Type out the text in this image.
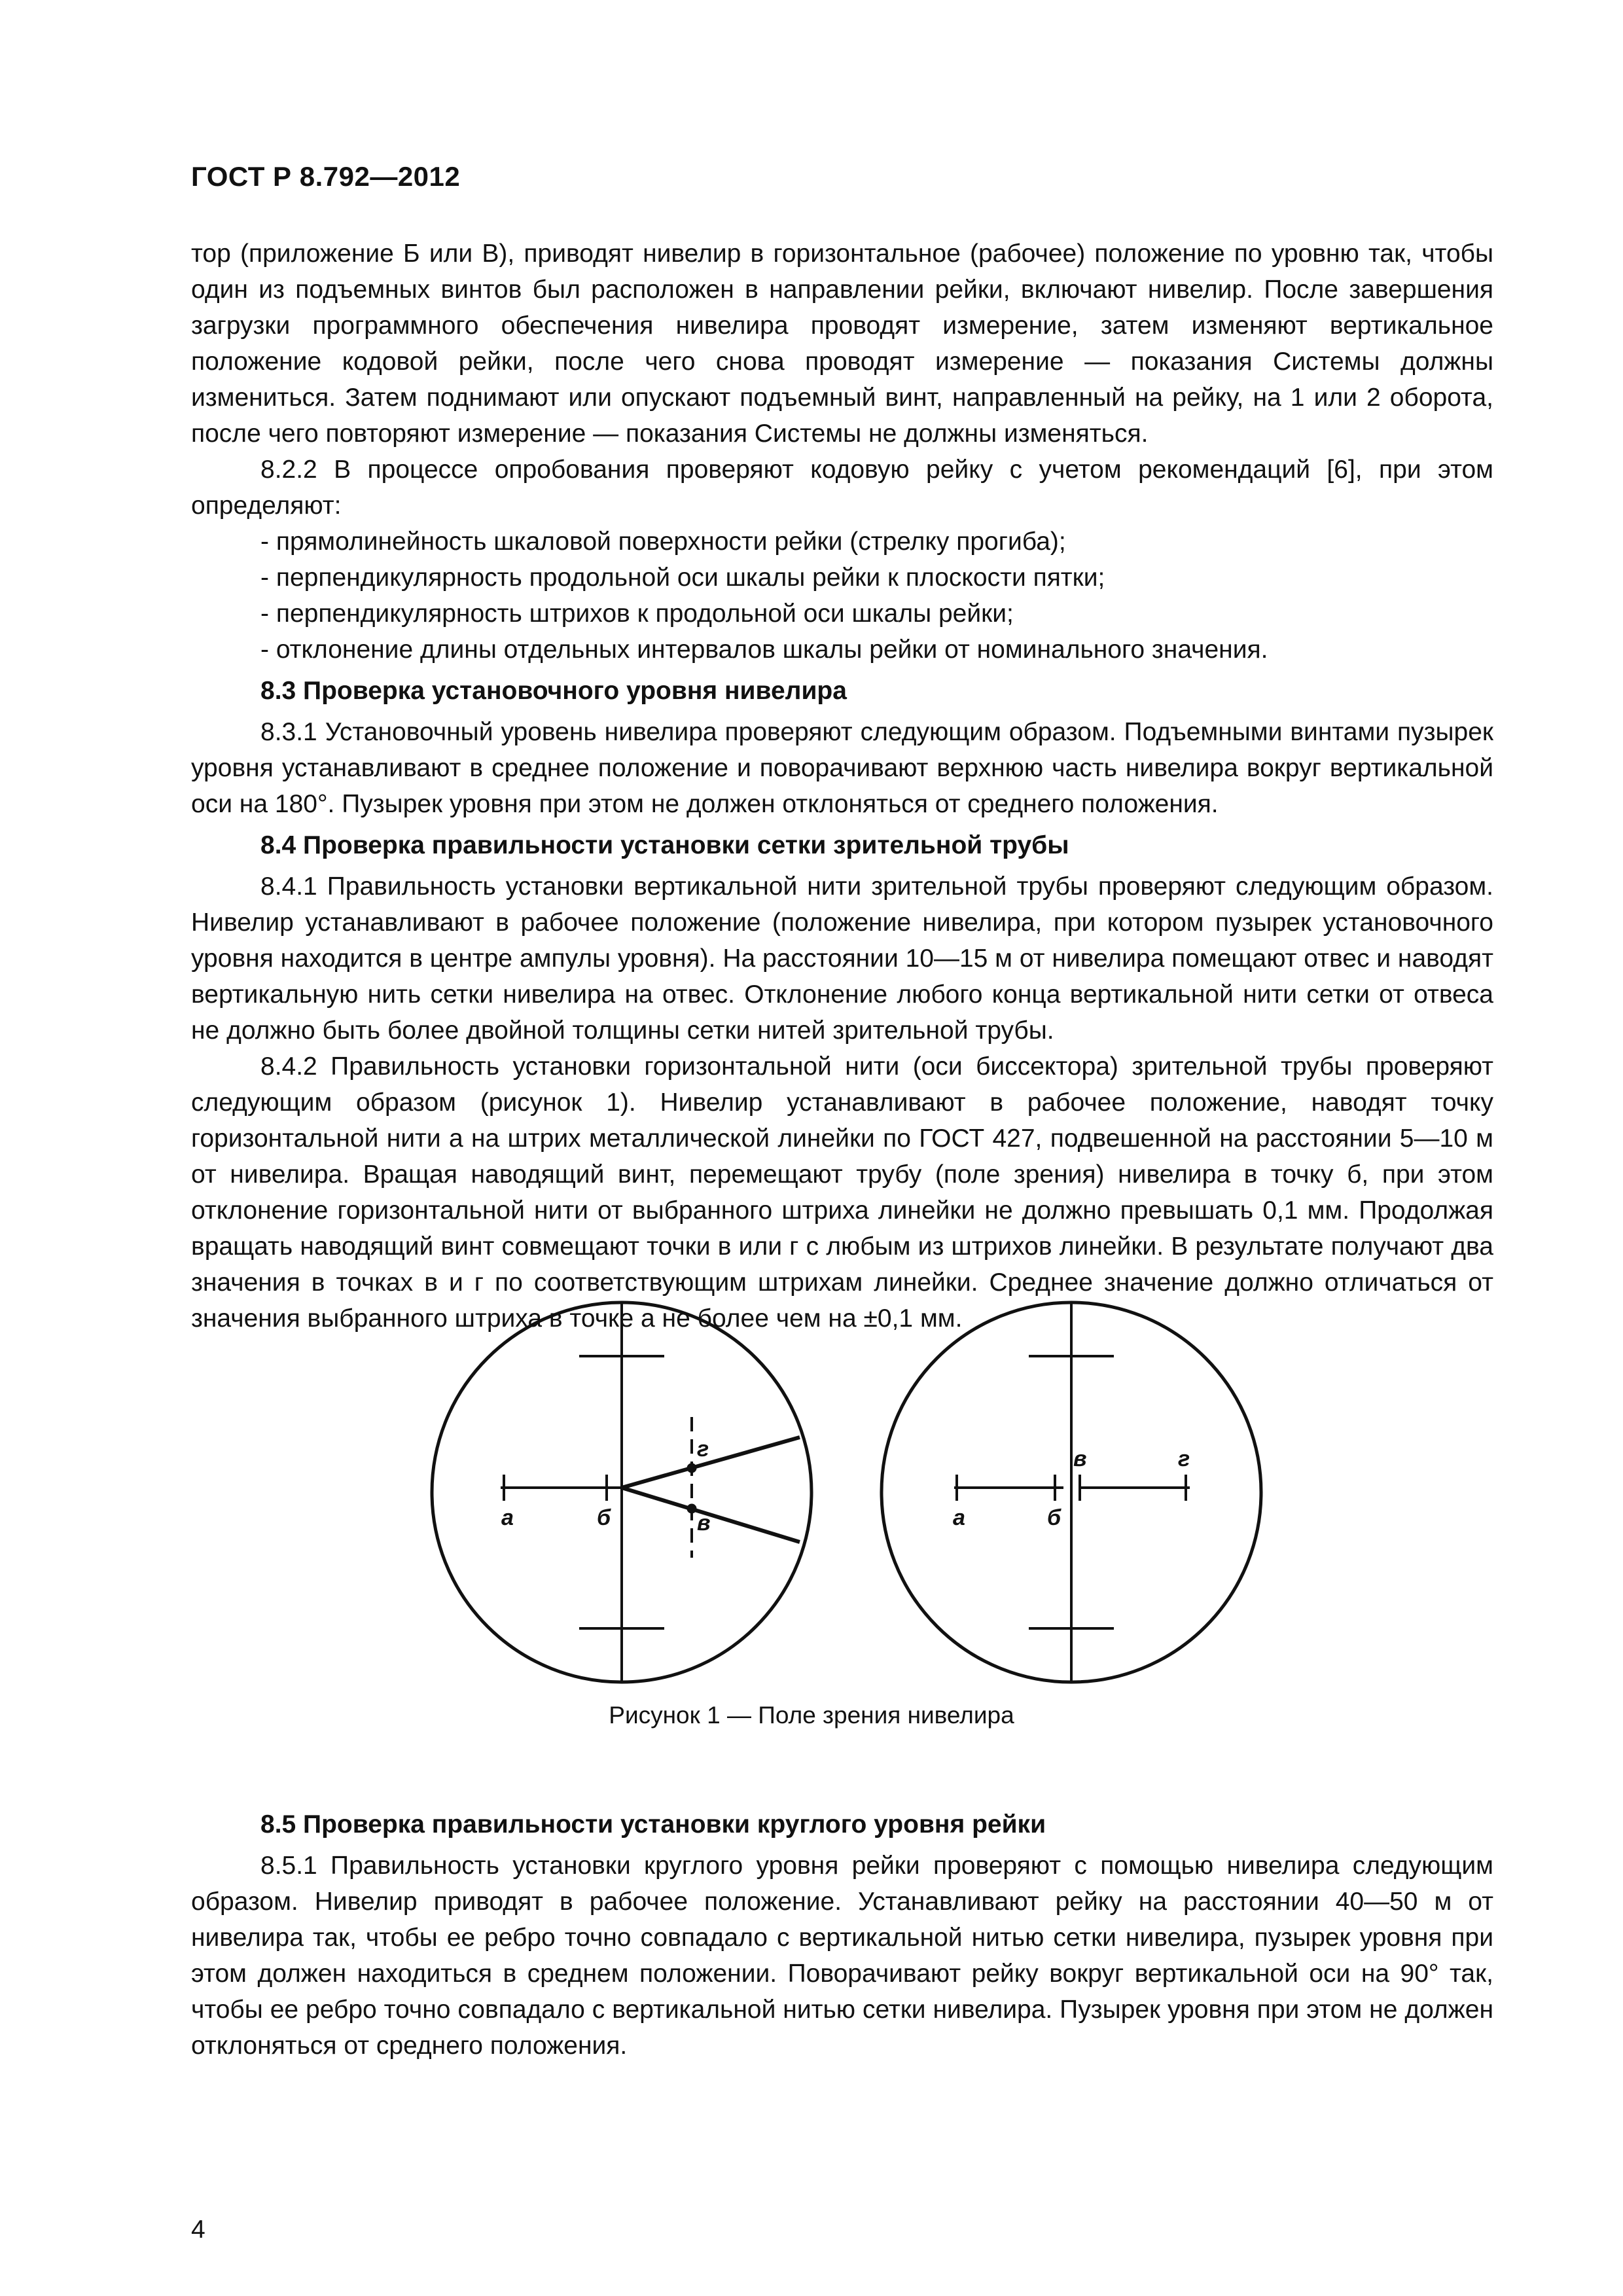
ГОСТ Р 8.792—2012

тор (приложение Б или В), приводят нивелир в горизонтальное (рабочее) положение по уровню так, чтобы один из подъемных винтов был расположен в направлении рейки, включают нивелир. После завершения загрузки программного обеспечения нивелира проводят измерение, затем изменяют вертикальное положение кодовой рейки, после чего снова проводят измерение — показания Системы должны измениться. Затем поднимают или опускают подъемный винт, направленный на рейку, на 1 или 2 оборота, после чего повторяют измерение — показания Системы не должны изменяться.

8.2.2 В процессе опробования проверяют кодовую рейку с учетом рекомендаций [6], при этом определяют:

- прямолинейность шкаловой поверхности рейки (стрелку прогиба);

- перпендикулярность продольной оси шкалы рейки к плоскости пятки;

- перпендикулярность штрихов к продольной оси шкалы рейки;

- отклонение длины отдельных интервалов шкалы рейки от номинального значения.

8.3 Проверка установочного уровня нивелира

8.3.1 Установочный уровень нивелира проверяют следующим образом. Подъемными винтами пузырек уровня устанавливают в среднее положение и поворачивают верхнюю часть нивелира вокруг вертикальной оси на 180°. Пузырек уровня при этом не должен отклоняться от среднего положения.

8.4 Проверка правильности установки сетки зрительной трубы

8.4.1 Правильность установки вертикальной нити зрительной трубы проверяют следующим образом. Нивелир устанавливают в рабочее положение (положение нивелира, при котором пузырек установочного уровня находится в центре ампулы уровня). На расстоянии 10—15 м от нивелира помещают отвес и наводят вертикальную нить сетки нивелира на отвес. Отклонение любого конца вертикальной нити сетки от отвеса не должно быть более двойной толщины сетки нитей зрительной трубы.

8.4.2 Правильность установки горизонтальной нити (оси биссектора) зрительной трубы проверяют следующим образом (рисунок 1). Нивелир устанавливают в рабочее положение, наводят точку горизонтальной нити а на штрих металлической линейки по ГОСТ 427, подвешенной на расстоянии 5—10 м от нивелира. Вращая наводящий винт, перемещают трубу (поле зрения) нивелира в точку б, при этом отклонение горизонтальной нити от выбранного штриха линейки не должно превышать 0,1 мм. Продолжая вращать наводящий винт совмещают точки в или г с любым из штрихов линейки. В результате получают два значения в точках в и г по соответствующим штрихам линейки. Среднее значение должно отличаться от значения выбранного штриха в точке а не более чем на ±0,1 мм.

а	б
г
в	а	б
в	г
Рисунок 1 — Поле зрения нивелира

8.5 Проверка правильности установки круглого уровня рейки

8.5.1 Правильность установки круглого уровня рейки проверяют с помощью нивелира следующим образом. Нивелир приводят в рабочее положение. Устанавливают рейку на расстоянии 40—50 м от нивелира так, чтобы ее ребро точно совпадало с вертикальной нитью сетки нивелира, пузырек уровня при этом должен находиться в среднем положении. Поворачивают рейку вокруг вертикальной оси на 90° так, чтобы ее ребро точно совпадало с вертикальной нитью сетки нивелира. Пузырек уровня при этом не должен отклоняться от среднего положения.

4
